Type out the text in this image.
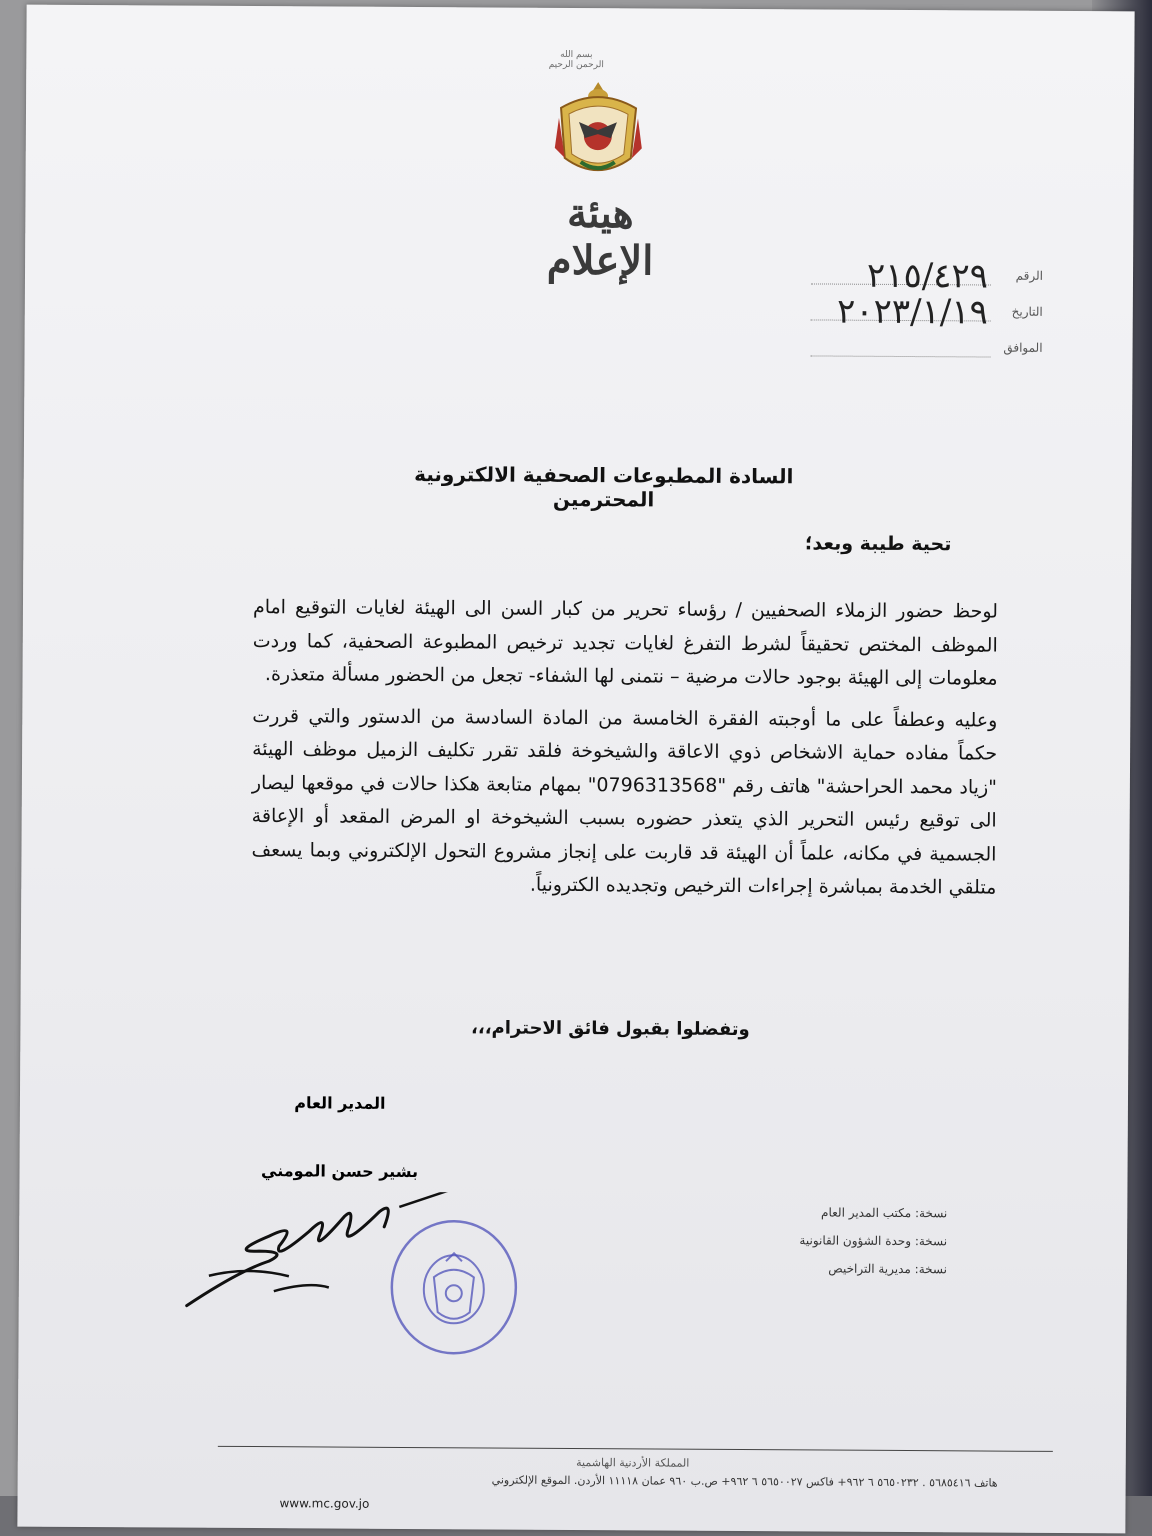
بسم الله الرحمن الرحيم
هيئة الإعلام	الرقم
٢١٥/٤٢٩
التاريخ
٢٠٢٣/١/١٩
الموافق
السادة المطبوعات الصحفية الالكترونية المحترمين
تحية طيبة وبعد؛

لوحظ حضور الزملاء الصحفيين / رؤساء تحرير من كبار السن الى الهيئة لغايات التوقيع امام الموظف المختص تحقيقاً لشرط التفرغ لغايات تجديد ترخيص المطبوعة الصحفية، كما وردت معلومات إلى الهيئة بوجود حالات مرضية – نتمنى لها الشفاء- تجعل من الحضور مسألة متعذرة.

وعليه وعطفاً على ما أوجبته الفقرة الخامسة من المادة السادسة من الدستور والتي قررت حكماً مفاده حماية الاشخاص ذوي الاعاقة والشيخوخة فلقد تقرر تكليف الزميل موظف الهيئة "زياد محمد الحراحشة" هاتف رقم "0796313568" بمهام متابعة هكذا حالات في موقعها ليصار الى توقيع رئيس التحرير الذي يتعذر حضوره بسبب الشيخوخة او المرض المقعد أو الإعاقة الجسمية في مكانه، علماً أن الهيئة قد قاربت على إنجاز مشروع التحول الإلكتروني وبما يسعف متلقي الخدمة بمباشرة إجراءات الترخيص وتجديده الكترونياً.

وتفضلوا بقبول فائق الاحترام،،،
المدير العام
بشير حسن المومني
نسخة: مكتب المدير العام
نسخة: وحدة الشؤون القانونية
نسخة: مديرية التراخيص
المملكة الأردنية الهاشمية
هاتف ٥٦٨٥٤١٦ . ٥٦٥٠٢٣٢ ٦ ٩٦٢+ فاكس ٥٦٥٠٠٢٧ ٦ ٩٦٢+ ص.ب ٩٦٠ عمان ١١١١٨ الأردن. الموقع الإلكتروني
www.mc.gov.jo
